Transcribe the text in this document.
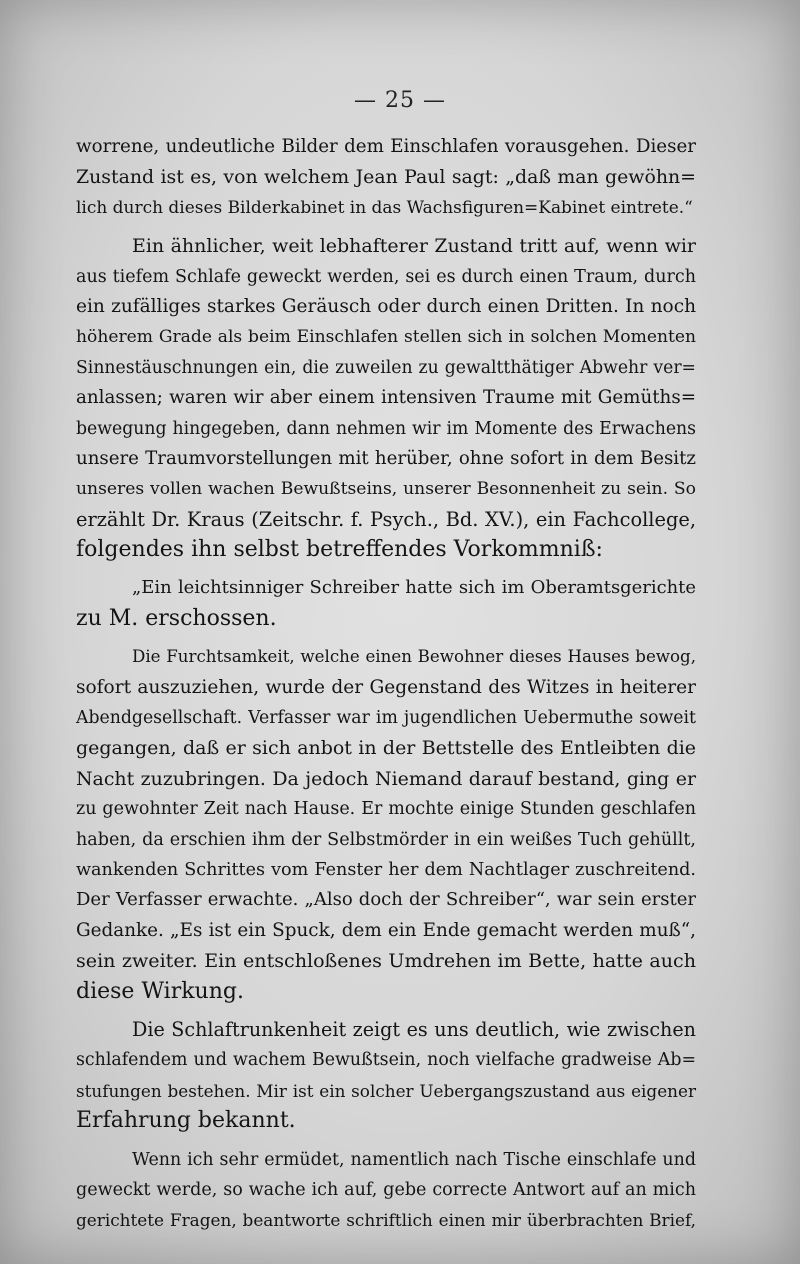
— 25 —
worrene, undeutliche Bilder dem Einschlafen vorausgehen. Dieser
Zustand ist es, von welchem Jean Paul sagt: „daß man gewöhn=
lich durch dieses Bilderkabinet in das Wachsfiguren=Kabinet eintrete.“
Ein ähnlicher, weit lebhafterer Zustand tritt auf, wenn wir
aus tiefem Schlafe geweckt werden, sei es durch einen Traum, durch
ein zufälliges starkes Geräusch oder durch einen Dritten. In noch
höherem Grade als beim Einschlafen stellen sich in solchen Momenten
Sinnestäuschnungen ein, die zuweilen zu gewaltthätiger Abwehr ver=
anlassen; waren wir aber einem intensiven Traume mit Gemüths=
bewegung hingegeben, dann nehmen wir im Momente des Erwachens
unsere Traumvorstellungen mit herüber, ohne sofort in dem Besitz
unseres vollen wachen Bewußtseins, unserer Besonnenheit zu sein. So
erzählt Dr. Kraus (Zeitschr. f. Psych., Bd. XV.), ein Fachcollege,
folgendes ihn selbst betreffendes Vorkommniß:
„Ein leichtsinniger Schreiber hatte sich im Oberamtsgerichte
zu M. erschossen.
Die Furchtsamkeit, welche einen Bewohner dieses Hauses bewog,
sofort auszuziehen, wurde der Gegenstand des Witzes in heiterer
Abendgesellschaft. Verfasser war im jugendlichen Uebermuthe soweit
gegangen, daß er sich anbot in der Bettstelle des Entleibten die
Nacht zuzubringen. Da jedoch Niemand darauf bestand, ging er
zu gewohnter Zeit nach Hause. Er mochte einige Stunden geschlafen
haben, da erschien ihm der Selbstmörder in ein weißes Tuch gehüllt,
wankenden Schrittes vom Fenster her dem Nachtlager zuschreitend.
Der Verfasser erwachte. „Also doch der Schreiber“, war sein erster
Gedanke. „Es ist ein Spuck, dem ein Ende gemacht werden muß“,
sein zweiter. Ein entschloßenes Umdrehen im Bette, hatte auch
diese Wirkung.
Die Schlaftrunkenheit zeigt es uns deutlich, wie zwischen
schlafendem und wachem Bewußtsein, noch vielfache gradweise Ab=
stufungen bestehen. Mir ist ein solcher Uebergangszustand aus eigener
Erfahrung bekannt.
Wenn ich sehr ermüdet, namentlich nach Tische einschlafe und
geweckt werde, so wache ich auf, gebe correcte Antwort auf an mich
gerichtete Fragen, beantworte schriftlich einen mir überbrachten Brief,
